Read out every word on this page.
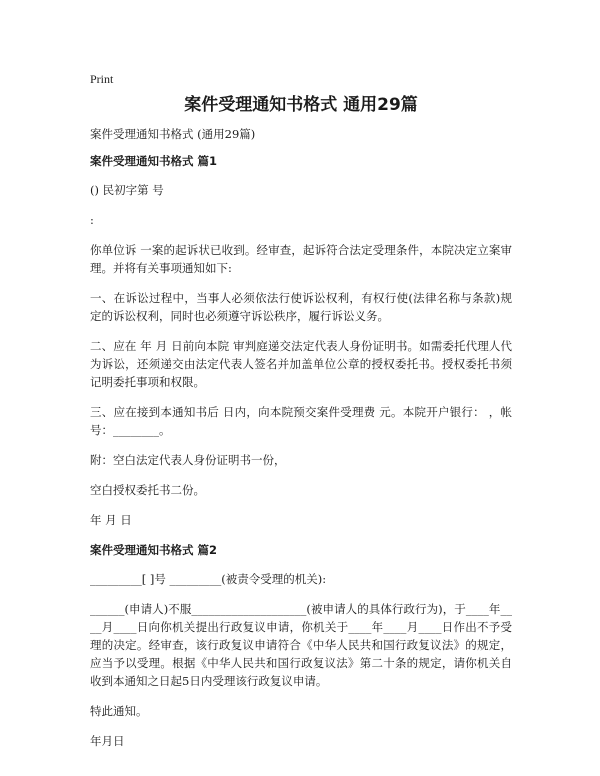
Print
案件受理通知书格式 通用29篇
案件受理通知书格式 (通用29篇)
案件受理通知书格式 篇1
() 民初字第 号
:
你单位诉 一案的起诉状已收到。经审查，起诉符合法定受理条件，本院决定立案审理。并将有关事项通知如下:
一、在诉讼过程中，当事人必须依法行使诉讼权利，有权行使(法律名称与条款)规定的诉讼权利，同时也必须遵守诉讼秩序，履行诉讼义务。
二、应在 年 月 日前向本院 审判庭递交法定代表人身份证明书。如需委托代理人代为诉讼，还须递交由法定代表人签名并加盖单位公章的授权委托书。授权委托书须记明委托事项和权限。
三、应在接到本通知书后 日内，向本院预交案件受理费 元。本院开户银行： ，帐号：________。
附：空白法定代表人身份证明书一份，
空白授权委托书二份。
年 月 日
案件受理通知书格式 篇2
_________[ ]号 _________(被责令受理的机关):
______(申请人)不服____________________(被申请人的具体行政行为)，于____年____月____日向你机关提出行政复议申请，你机关于____年____月____日作出不予受理的决定。经审查，该行政复议申请符合《中华人民共和国行政复议法》的规定，应当予以受理。根据《中华人民共和国行政复议法》第二十条的规定，请你机关自收到本通知之日起5日内受理该行政复议申请。
特此通知。
年月日
